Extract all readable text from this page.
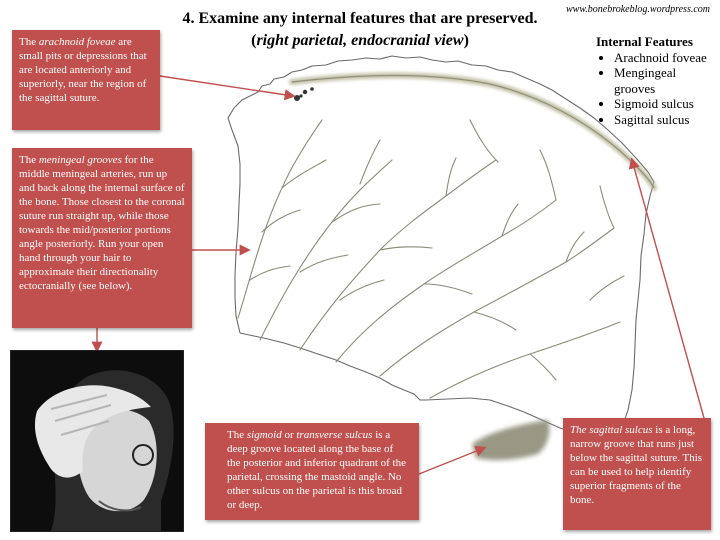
4. Examine any internal features that are preserved.
(right parietal, endocranial view)
www.bonebrokeblog.wordpress.com
Internal Features
• Arachnoid foveae
• Mengingeal grooves
• Sigmoid sulcus
• Sagittal sulcus
The arachnoid foveae are small pits or depressions that are located anteriorly and superiorly, near the region of the sagittal suture.
The meningeal grooves for the middle meningeal arteries, run up and back along the internal surface of the bone. Those closest to the coronal suture run straight up, while those towards the mid/posterior portions angle posteriorly. Run your open hand through your hair to approximate their directionality ectocranially (see below).
The sigmoid or transverse sulcus is a deep groove located along the base of the posterior and inferior quadrant of the parietal, crossing the mastoid angle. No other sulcus on the parietal is this broad or deep.
The sagittal sulcus is a long, narrow groove that runs just below the sagittal suture. This can be used to help identify superior fragments of the bone.
